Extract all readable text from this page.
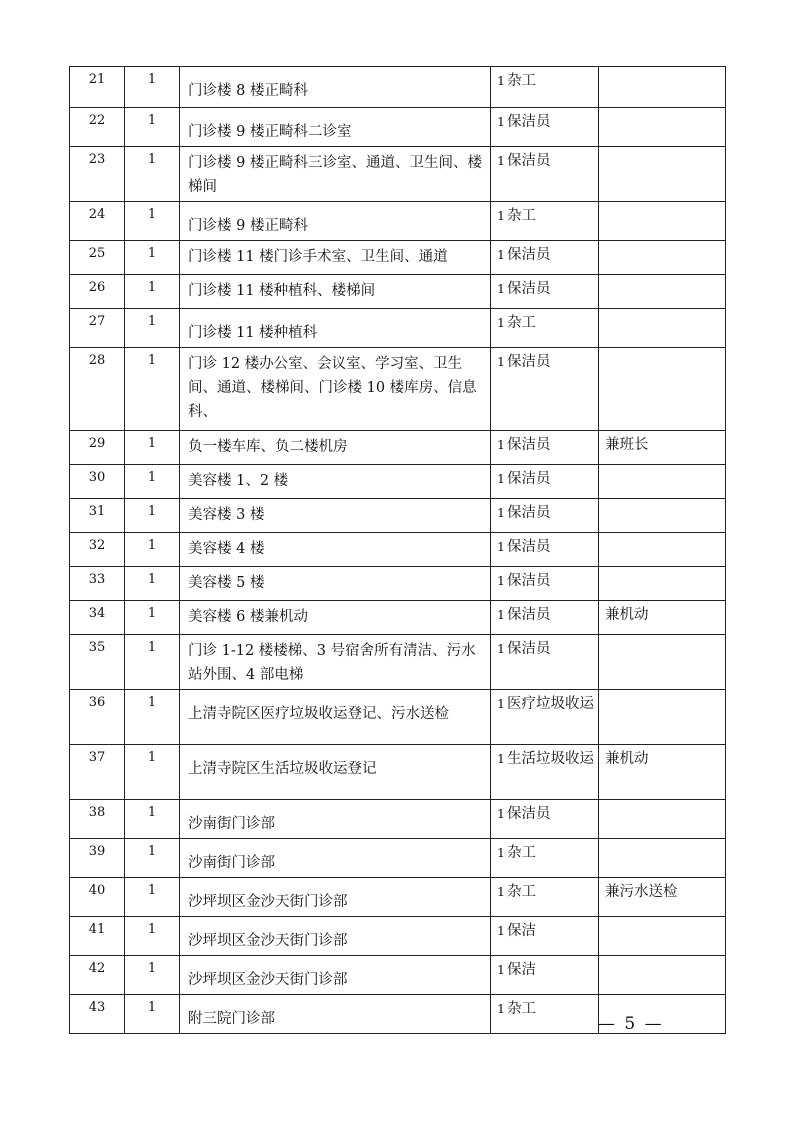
21	1	门诊楼 8 楼正畸科	1 杂工	
22	1	门诊楼 9 楼正畸科二诊室	1 保洁员	
23	1	门诊楼 9 楼正畸科三诊室、通道、卫生间、楼梯间	1 保洁员	
24	1	门诊楼 9 楼正畸科	1 杂工	
25	1	门诊楼 11 楼门诊手术室、卫生间、通道	1 保洁员	
26	1	门诊楼 11 楼种植科、楼梯间	1 保洁员	
27	1	门诊楼 11 楼种植科	1 杂工	
28	1	门诊 12 楼办公室、会议室、学习室、卫生间、通道、楼梯间、门诊楼 10 楼库房、信息科、	1 保洁员	
29	1	负一楼车库、负二楼机房	1 保洁员	兼班长
30	1	美容楼 1、2 楼	1 保洁员	
31	1	美容楼 3 楼	1 保洁员	
32	1	美容楼 4 楼	1 保洁员	
33	1	美容楼 5 楼	1 保洁员	
34	1	美容楼 6 楼兼机动	1 保洁员	兼机动
35	1	门诊 1-12 楼楼梯、3 号宿舍所有清洁、污水站外围、4 部电梯	1 保洁员	
36	1	上清寺院区医疗垃圾收运登记、污水送检	1 医疗垃圾收运	
37	1	上清寺院区生活垃圾收运登记	1 生活垃圾收运	兼机动
38	1	沙南街门诊部	1 保洁员	
39	1	沙南街门诊部	1 杂工	
40	1	沙坪坝区金沙天街门诊部	1 杂工	兼污水送检
41	1	沙坪坝区金沙天街门诊部	1 保洁	
42	1	沙坪坝区金沙天街门诊部	1 保洁	
43	1	附三院门诊部	1 杂工	
— 5 —
